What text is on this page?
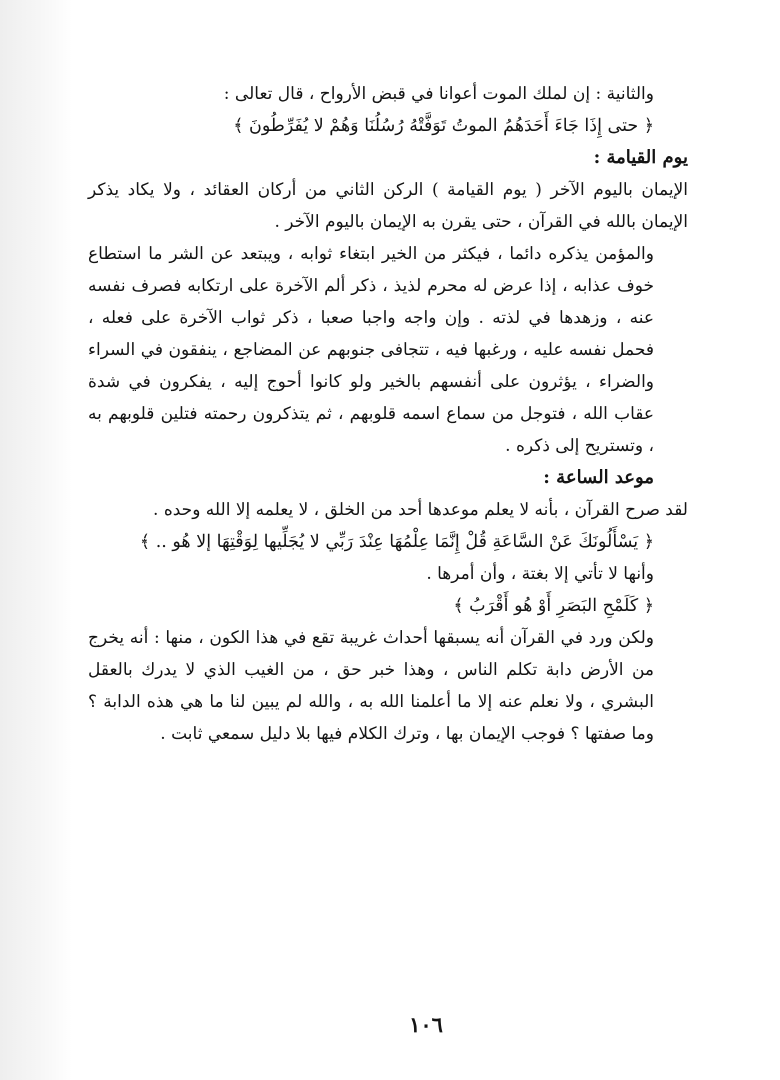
والثانية : إن لملك الموت أعوانا في قبض الأرواح ، قال تعالى :

﴿ حتى إِذَا جَاءَ أَحَدَهُمُ الموتُ تَوَفَّتْهُ رُسُلُنَا وَهُمْ لا يُفَرِّطُونَ ﴾

يوم القيامة :

الإيمان باليوم الآخر ( يوم القيامة ) الركن الثاني من أركان العقائد ، ولا يكاد يذكر الإيمان بالله في القرآن ، حتى يقرن به الإيمان باليوم الآخر .

والمؤمن يذكره دائما ، فيكثر من الخير ابتغاء ثوابه ، ويبتعد عن الشر ما استطاع خوف عذابه ، إذا عرض له محرم لذيذ ، ذكر ألم الآخرة على ارتكابه فصرف نفسه عنه ، وزهدها في لذته . وإن واجه واجبا صعبا ، ذكر ثواب الآخرة على فعله ، فحمل نفسه عليه ، ورغبها فيه ، تتجافى جنوبهم عن المضاجع ، ينفقون في السراء والضراء ، يؤثرون على أنفسهم بالخير ولو كانوا أحوج إليه ، يفكرون في شدة عقاب الله ، فتوجل من سماع اسمه قلوبهم ، ثم يتذكرون رحمته فتلين قلوبهم به ، وتستريح إلى ذكره .

موعد الساعة :

لقد صرح القرآن ، بأنه لا يعلم موعدها أحد من الخلق ، لا يعلمه إلا الله وحده .

﴿ يَسْأَلُونَكَ عَنْ السَّاعَةِ قُلْ إِنَّمَا عِلْمُهَا عِنْدَ رَبِّي لا يُجَلِّيها لِوَقْتِهَا إلا هُو .. ﴾

وأنها لا تأتي إلا بغتة ، وأن أمرها .

﴿ كَلَمْحِ البَصَرِ أَوْ هُو أَقْرَبُ ﴾

ولكن ورد في القرآن أنه يسبقها أحداث غريبة تقع في هذا الكون ، منها : أنه يخرج من الأرض دابة تكلم الناس ، وهذا خبر حق ، من الغيب الذي لا يدرك بالعقل البشري ، ولا نعلم عنه إلا ما أعلمنا الله به ، والله لم يبين لنا ما هي هذه الدابة ؟ وما صفتها ؟ فوجب الإيمان بها ، وترك الكلام فيها بلا دليل سمعي ثابت .

١٠٦
